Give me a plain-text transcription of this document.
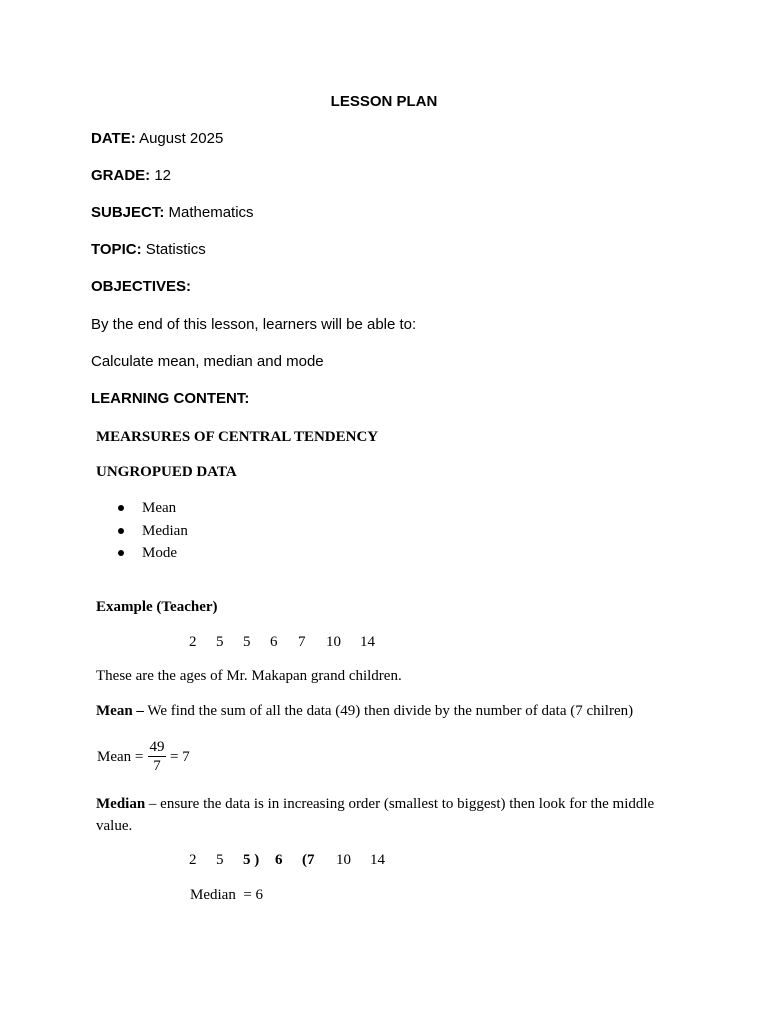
LESSON PLAN
DATE: August 2025
GRADE: 12
SUBJECT: Mathematics
TOPIC: Statistics
OBJECTIVES:
By the end of this lesson, learners will be able to:
Calculate mean, median and mode
LEARNING CONTENT:
MEARSURES OF CENTRAL TENDENCY
UNGROPUED DATA
Mean
Median
Mode
Example (Teacher)
2 5 5 6 7 10 14
These are the ages of Mr. Makapan grand children.
Mean – We find the sum of all the data (49) then divide by the number of data (7 chilren)
Mean =
49
7
= 7
Median – ensure the data is in increasing order (smallest to biggest) then look for the middle
value.
2 5 5 ) 6 (7 10 14
Median  = 6
